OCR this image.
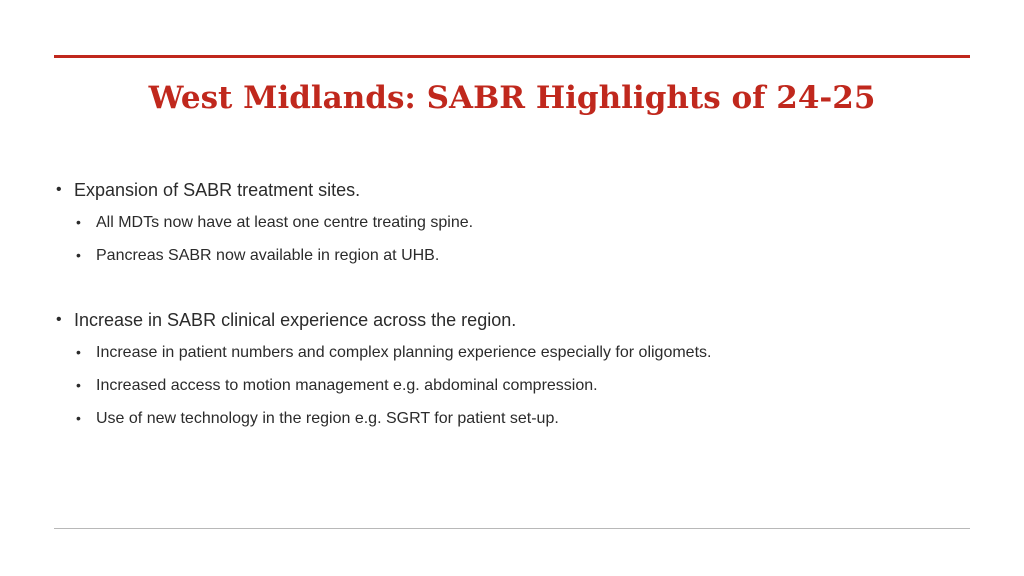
West Midlands: SABR Highlights of 24-25
• Expansion of SABR treatment sites.
• All MDTs now have at least one centre treating spine.
• Pancreas SABR now available in region at UHB.
• Increase in SABR clinical experience across the region.
• Increase in patient numbers and complex planning experience especially for oligomets.
• Increased access to motion management e.g. abdominal compression.
• Use of new technology in the region e.g. SGRT for patient set-up.
